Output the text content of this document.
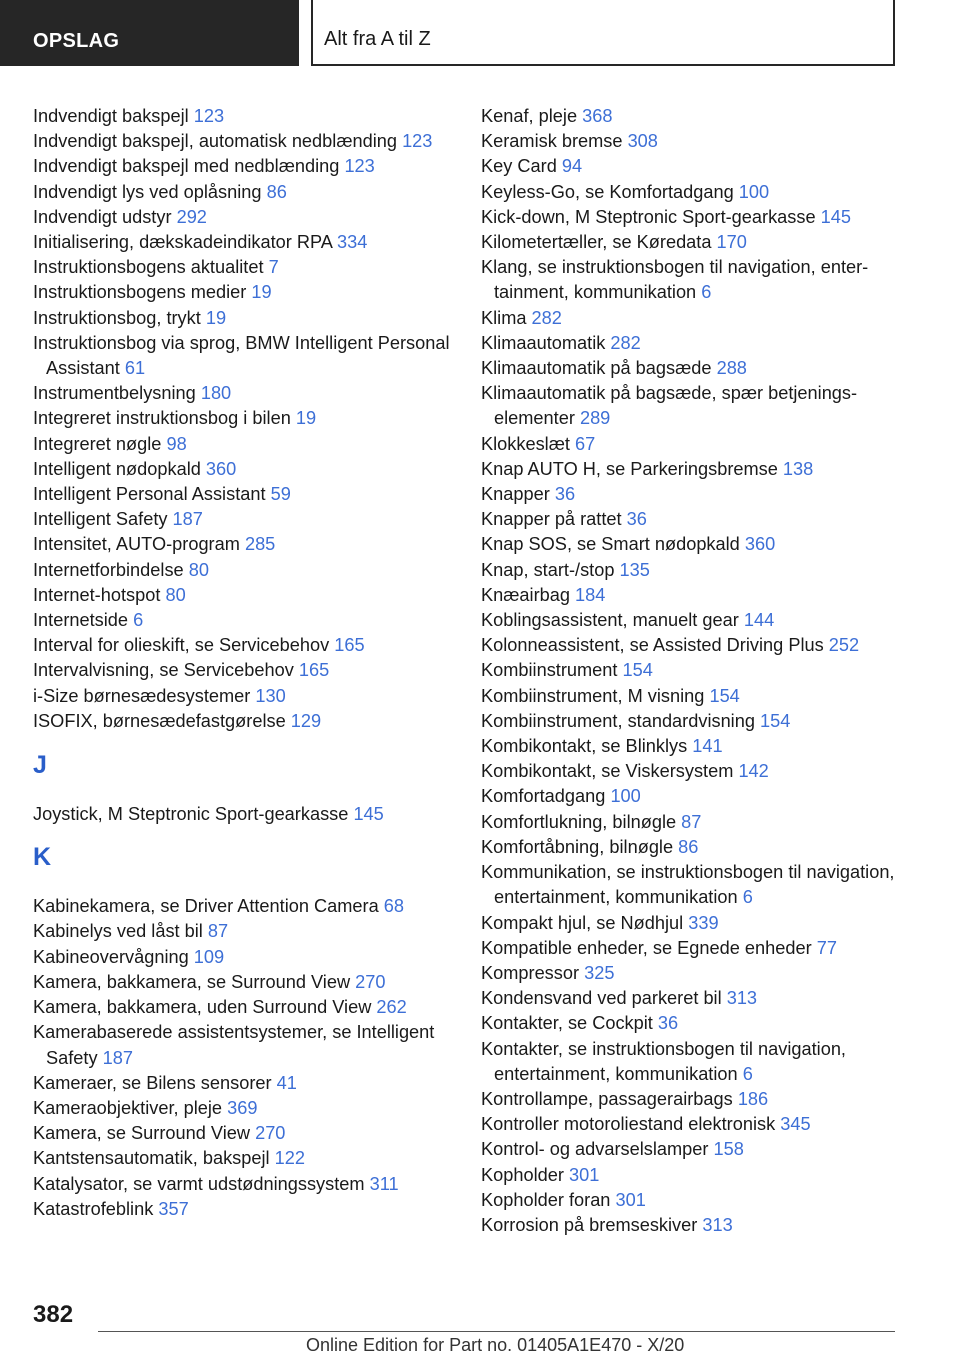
OPSLAG	Alt fra A til Z
Indvendigt bakspejl 123
Indvendigt bakspejl, automatisk nedblænding 123
Indvendigt bakspejl med nedblænding 123
Indvendigt lys ved oplåsning 86
Indvendigt udstyr 292
Initialisering, dækskadeindikator RPA 334
Instruktionsbogens aktualitet 7
Instruktionsbogens medier 19
Instruktionsbog, trykt 19
Instruktionsbog via sprog, BMW Intelligent Personal Assistant 61
Instrumentbelysning 180
Integreret instruktionsbog i bilen 19
Integreret nøgle 98
Intelligent nødopkald 360
Intelligent Personal Assistant 59
Intelligent Safety 187
Intensitet, AUTO-program 285
Internetforbindelse 80
Internet-hotspot 80
Internetside 6
Interval for olieskift, se Servicebehov 165
Intervalvisning, se Servicebehov 165
i-Size børnesædesystemer 130
ISOFIX, børnesædefastgørelse 129
J
Joystick, M Steptronic Sport-gearkasse 145
K
Kabinekamera, se Driver Attention Camera 68
Kabinelys ved låst bil 87
Kabineovervågning 109
Kamera, bakkamera, se Surround View 270
Kamera, bakkamera, uden Surround View 262
Kamerabaserede assistentsystemer, se Intelligent Safety 187
Kameraer, se Bilens sensorer 41
Kameraobjektiver, pleje 369
Kamera, se Surround View 270
Kantstensautomatik, bakspejl 122
Katalysator, se varmt udstødningssystem 311
Katastrofeblink 357
Kenaf, pleje 368
Keramisk bremse 308
Key Card 94
Keyless-Go, se Komfortadgang 100
Kick-down, M Steptronic Sport-gearkasse 145
Kilometertæller, se Køredata 170
Klang, se instruktionsbogen til navigation, entertainment, kommunikation 6
Klima 282
Klimaautomatik 282
Klimaautomatik på bagsæde 288
Klimaautomatik på bagsæde, spær betjeningselementer 289
Klokkeslæt 67
Knap AUTO H, se Parkeringsbremse 138
Knapper 36
Knapper på rattet 36
Knap SOS, se Smart nødopkald 360
Knap, start-/stop 135
Knæairbag 184
Koblingsassistent, manuelt gear 144
Kolonneassistent, se Assisted Driving Plus 252
Kombiinstrument 154
Kombiinstrument, M visning 154
Kombiinstrument, standardvisning 154
Kombikontakt, se Blinklys 141
Kombikontakt, se Viskersystem 142
Komfortadgang 100
Komfortlukning, bilnøgle 87
Komfortåbning, bilnøgle 86
Kommunikation, se instruktionsbogen til navigation, entertainment, kommunikation 6
Kompakt hjul, se Nødhjul 339
Kompatible enheder, se Egnede enheder 77
Kompressor 325
Kondensvand ved parkeret bil 313
Kontakter, se Cockpit 36
Kontakter, se instruktionsbogen til navigation, entertainment, kommunikation 6
Kontrollampe, passagerairbags 186
Kontroller motoroliestand elektronisk 345
Kontrol- og advarselslamper 158
Kopholder 301
Kopholder foran 301
Korrosion på bremseskiver 313
382
Online Edition for Part no. 01405A1E470 - X/20
